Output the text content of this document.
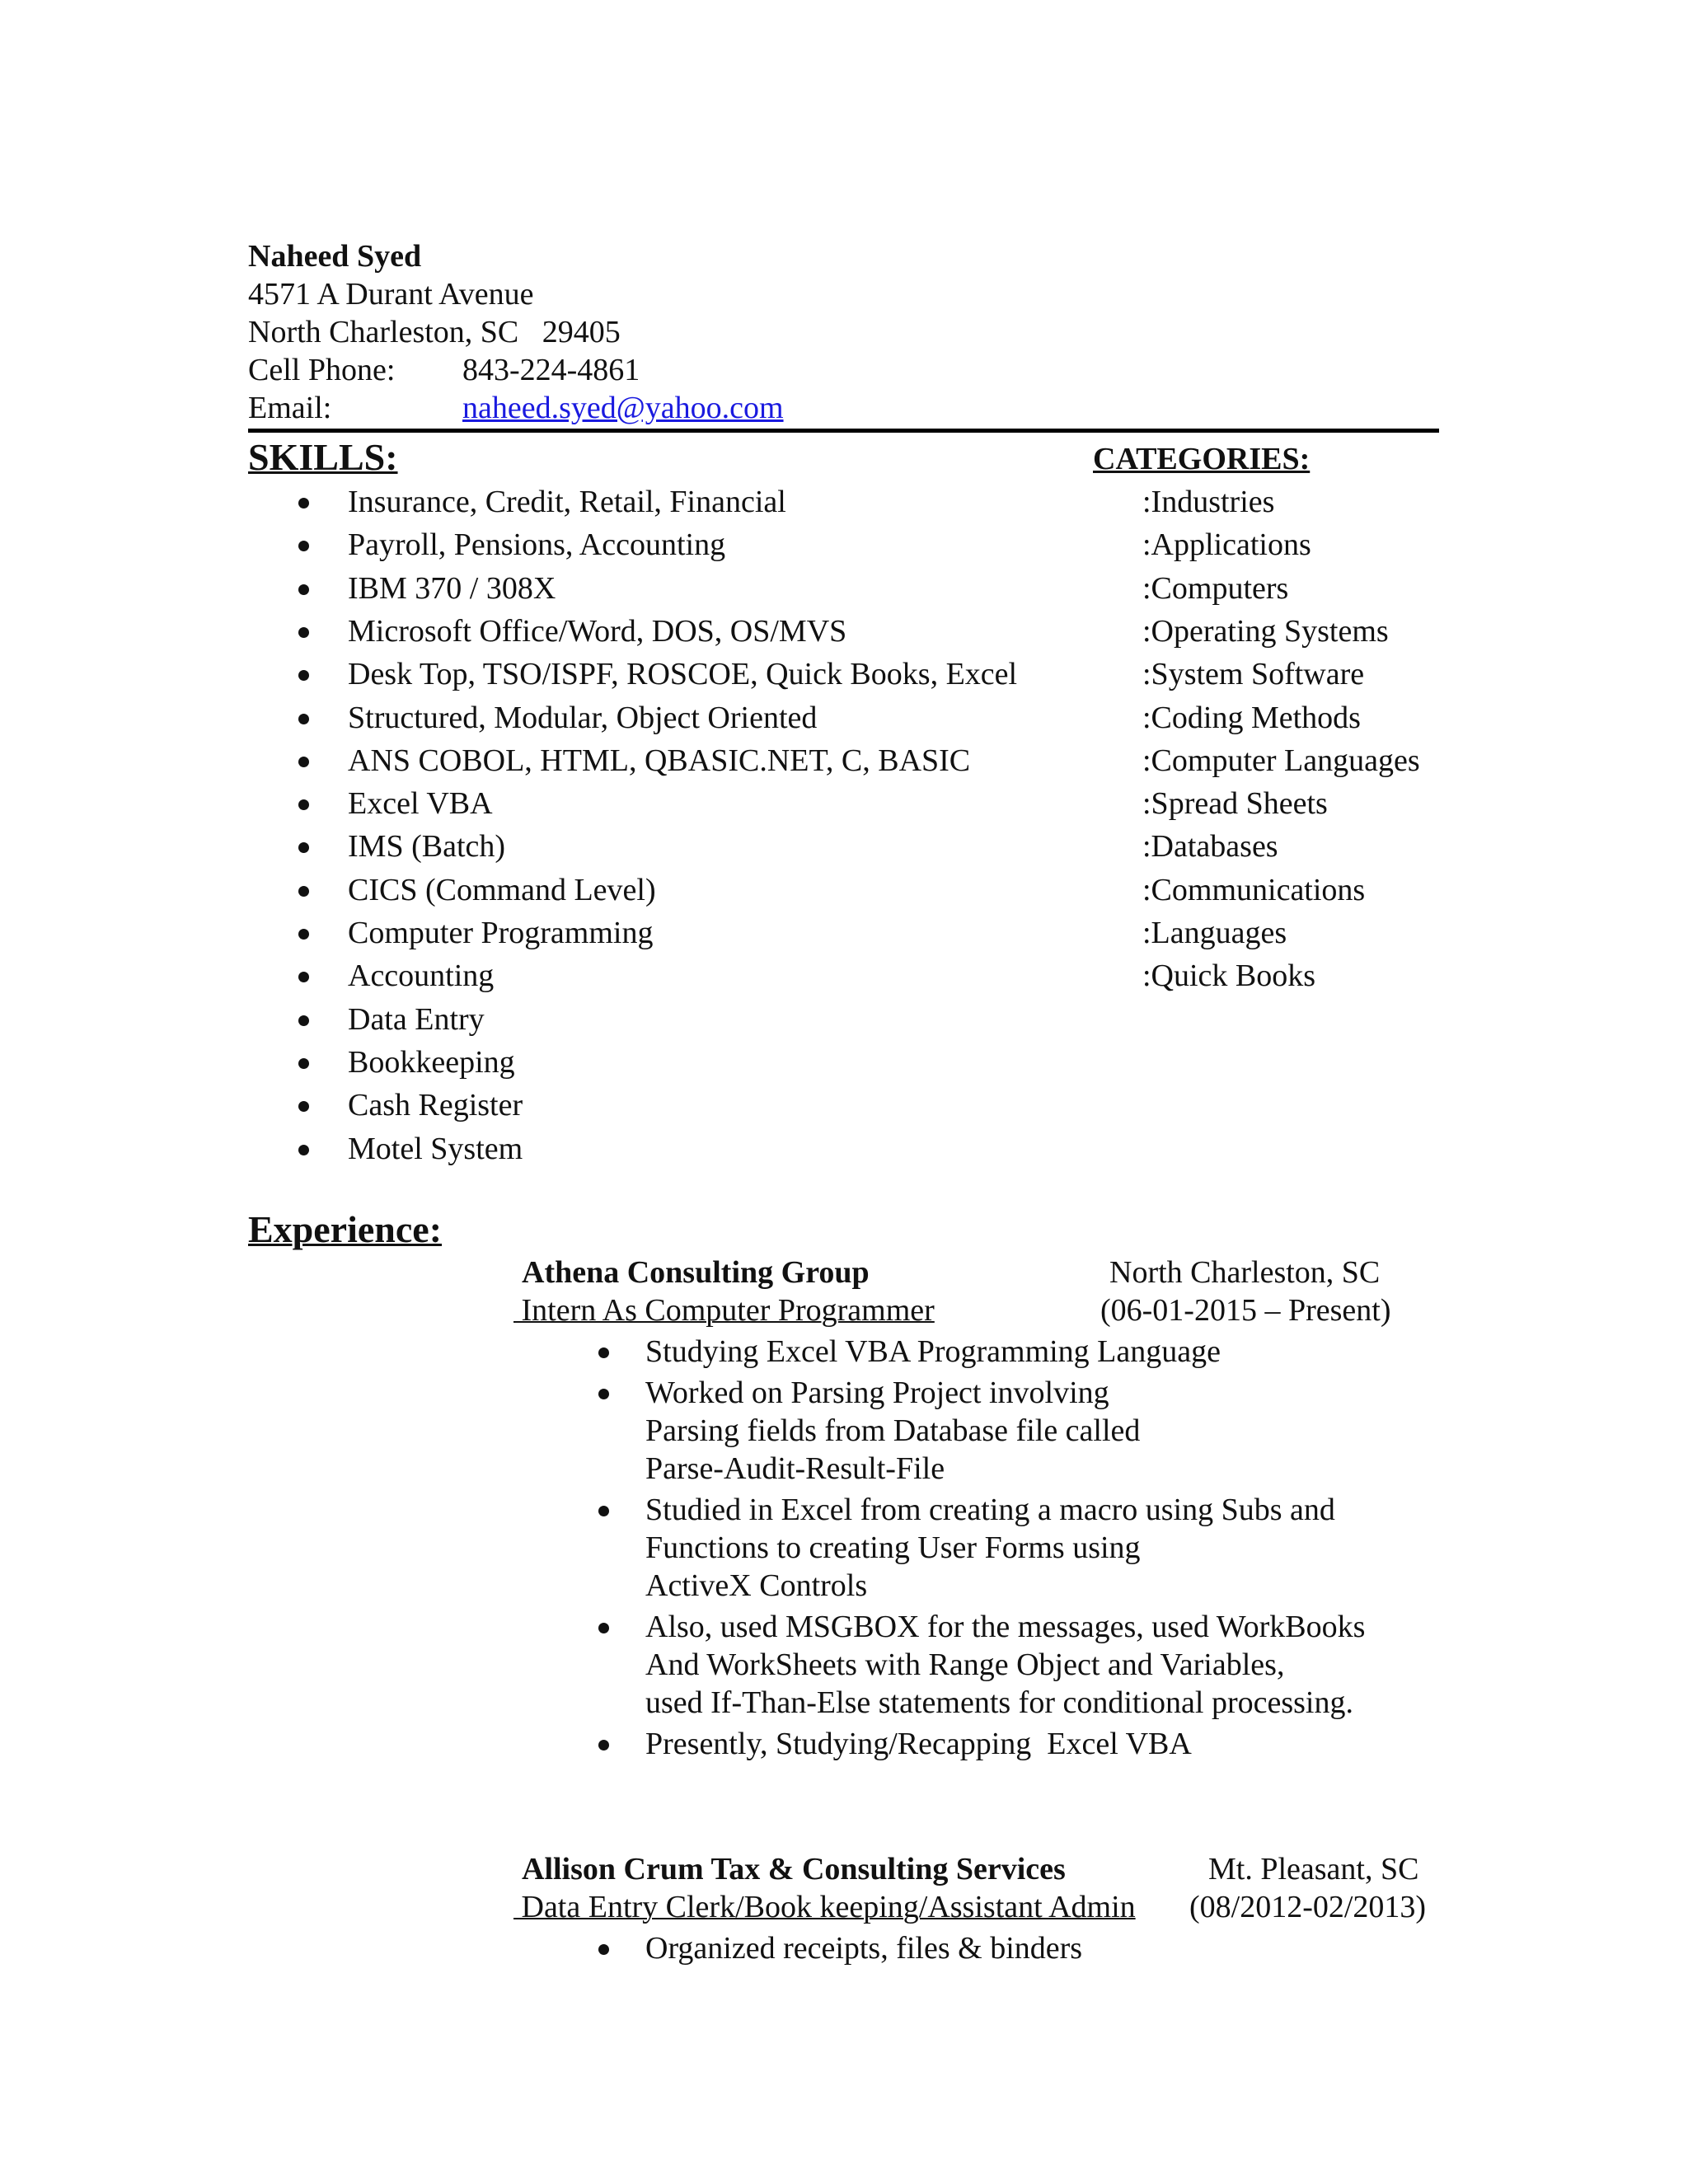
Naheed Syed
4571 A Durant Avenue
North Charleston, SC   29405
Cell Phone: 843-224-4861
Email:	naheed.syed@yahoo.com
SKILLS:	CATEGORIES:
Insurance, Credit, Retail, Financial	:Industries
Payroll, Pensions, Accounting	:Applications
IBM 370 / 308X	:Computers
Microsoft Office/Word, DOS, OS/MVS	:Operating Systems
Desk Top, TSO/ISPF, ROSCOE, Quick Books, Excel	:System Software
Structured, Modular, Object Oriented	:Coding Methods
ANS COBOL, HTML, QBASIC.NET, C, BASIC	:Computer Languages
Excel VBA	:Spread Sheets
IMS (Batch)	:Databases
CICS (Command Level)	:Communications
Computer Programming	:Languages
Accounting	:Quick Books
Data Entry
Bookkeeping
Cash Register
Motel System
Experience:
Athena Consulting Group	North Charleston, SC
Intern As Computer Programmer	(06-01-2015 – Present)
Studying Excel VBA Programming Language
Worked on Parsing Project involving
Parsing fields from Database file called
Parse-Audit-Result-File
Studied in Excel from creating a macro using Subs and
Functions to creating User Forms using
ActiveX Controls
Also, used MSGBOX for the messages, used WorkBooks
And WorkSheets with Range Object and Variables,
used If-Than-Else statements for conditional processing.
Presently, Studying/Recapping  Excel VBA
Allison Crum Tax & Consulting Services	Mt. Pleasant, SC
Data Entry Clerk/Book keeping/Assistant Admin (08/2012-02/2013)
Organized receipts, files & binders
